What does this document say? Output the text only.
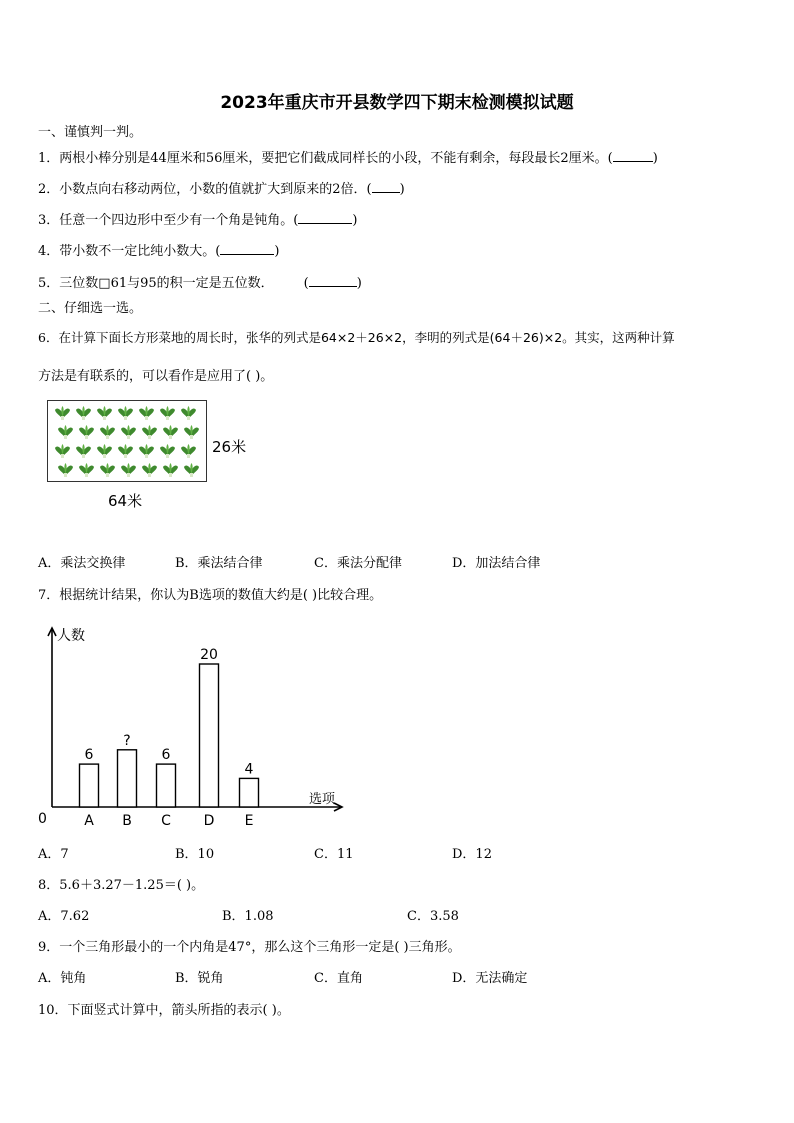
2023年重庆市开县数学四下期末检测模拟试题
一、谨慎判一判。
1．两根小棒分别是44厘米和56厘米，要把它们截成同样长的小段，不能有剩余，每段最长2厘米。(	)
2．小数点向右移动两位，小数的值就扩大到原来的2倍．( )
3．任意一个四边形中至少有一个角是钝角。(	)
4．带小数不一定比纯小数大。(	)
5．三位数□61与95的积一定是五位数． (	)
二、仔细选一选。
6．在计算下面长方形菜地的周长时，张华的列式是64×2＋26×2，李明的列式是(64＋26)×2。其实，这两种计算
方法是有联系的，可以看作是应用了( )。
26米
64米
A．乘法交换律	B．乘法结合律	C．乘法分配律	D．加法结合律
7．根据统计结果，你认为B选项的数值大约是( )比较合理。
人数
选项
0
6
A
?
B
6
C
20
D
4
E
A．7	B．10	C．11	D．12
8．5.6＋3.27－1.25＝( )。
A．7.62	B．1.08	C．3.58
9．一个三角形最小的一个内角是47°，那么这个三角形一定是( )三角形。
A．钝角	B．锐角	C．直角	D．无法确定
10．下面竖式计算中，箭头所指的表示( )。
